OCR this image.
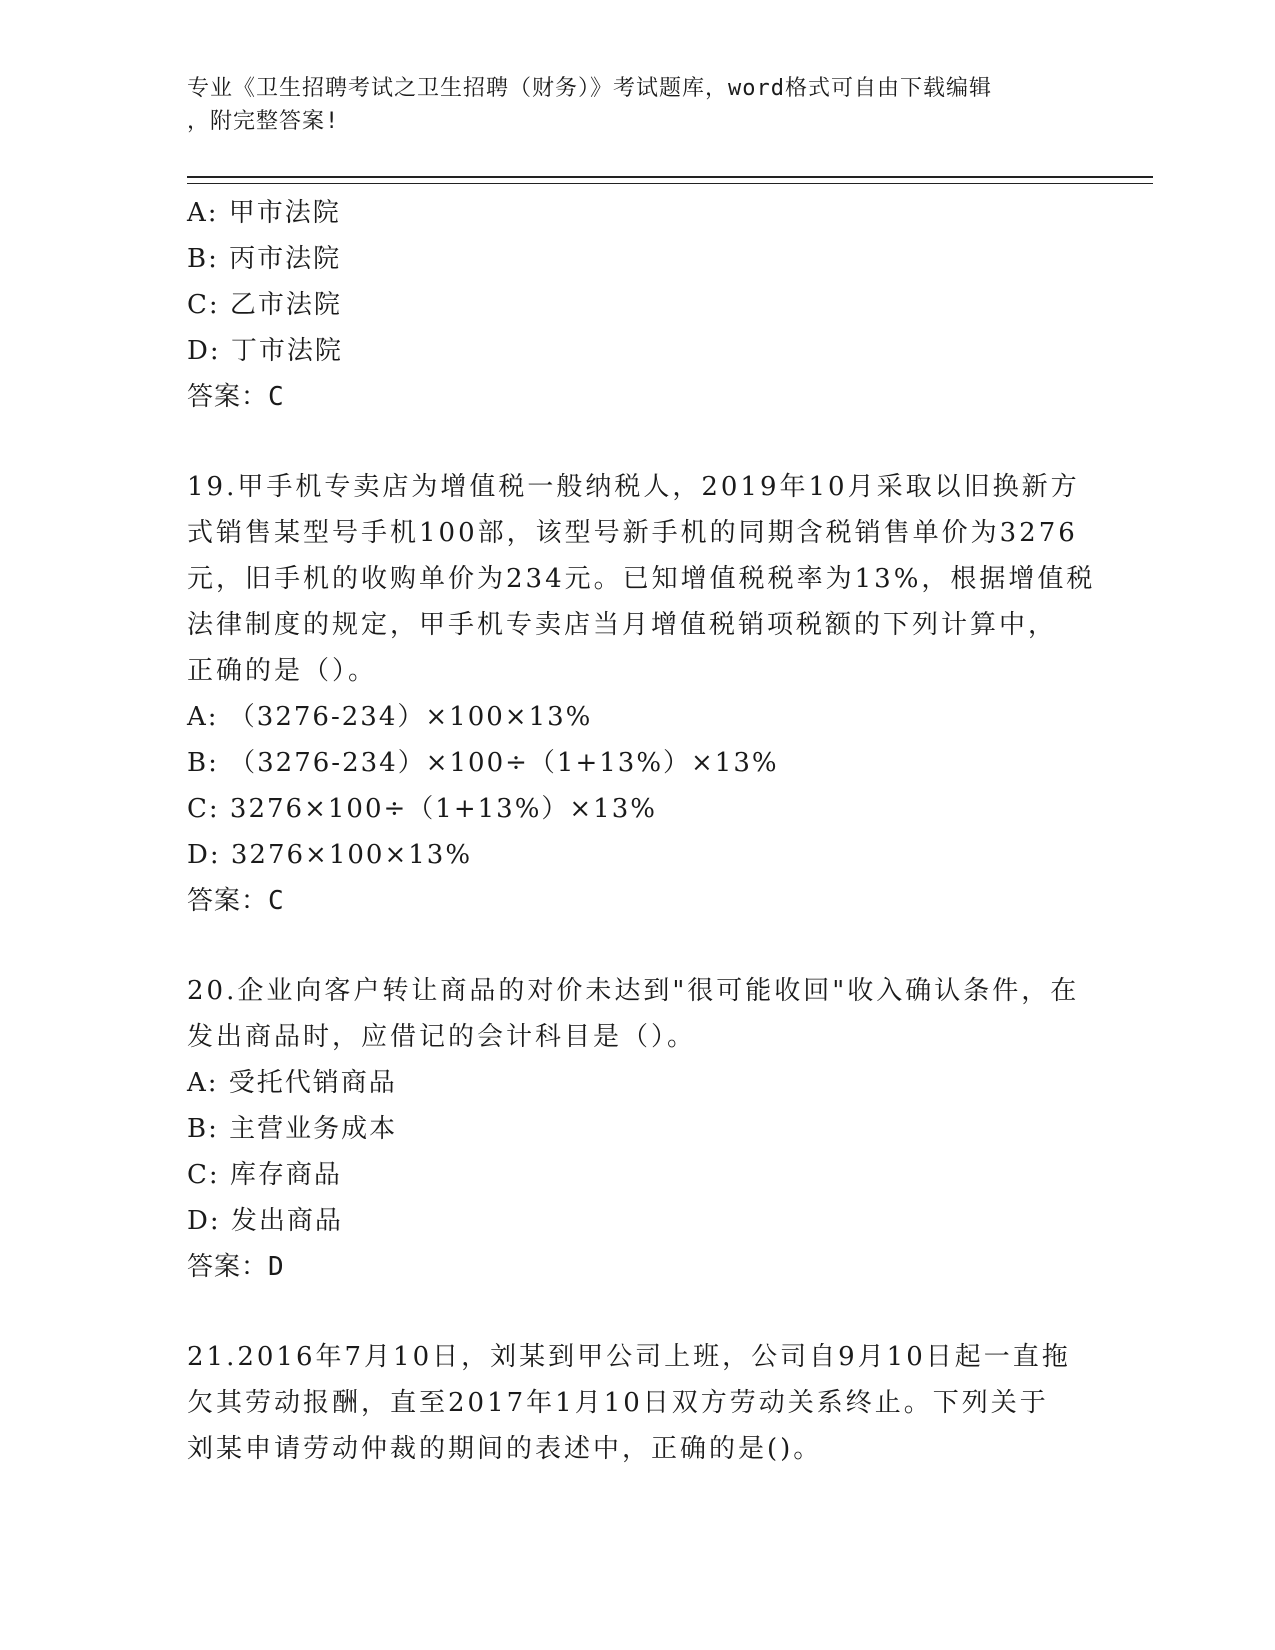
专业《卫生招聘考试之卫生招聘（财务）》考试题库，word格式可自由下载编辑
，附完整答案!
A: 甲市法院
B: 丙市法院
C: 乙市法院
D: 丁市法院
答案：C
19.甲手机专卖店为增值税一般纳税人，2019年10月采取以旧换新方
式销售某型号手机100部，该型号新手机的同期含税销售单价为3276
元，旧手机的收购单价为234元。已知增值税税率为13%，根据增值税
法律制度的规定，甲手机专卖店当月增值税销项税额的下列计算中，
正确的是（）。
A: （3276-234）×100×13%
B: （3276-234）×100÷（1+13%）×13%
C: 3276×100÷（1+13%）×13%
D: 3276×100×13%
答案：C
20.企业向客户转让商品的对价未达到"很可能收回"收入确认条件，在
发出商品时，应借记的会计科目是（）。
A: 受托代销商品
B: 主营业务成本
C: 库存商品
D: 发出商品
答案：D
21.2016年7月10日，刘某到甲公司上班，公司自9月10日起一直拖
欠其劳动报酬，直至2017年1月10日双方劳动关系终止。下列关于
刘某申请劳动仲裁的期间的表述中，正确的是()。
